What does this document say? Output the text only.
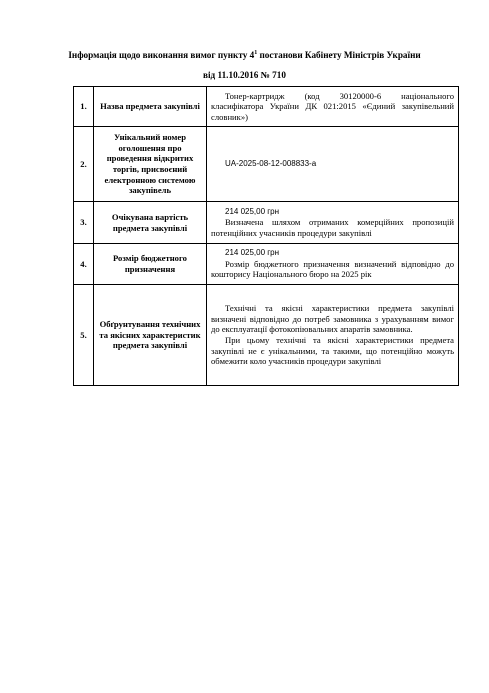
Інформація щодо виконання вимог пункту $4^1$ постанови Кабінету Міністрів України
від 11.10.2016 № 710
1.	Назва предмета закупівлі	Тонер-картридж (код 30120000-6 національного класифікатора України ДК 021:2015 «Єдиний закупівельний словник»)

2.	Унікальний номер оголошення про проведення відкритих торгів, присвоєний електронною системою закупівель	UA-2025-08-12-008833-a

3.	Очікувана вартість предмета закупівлі	214 025,00 грн

Визначена шляхом отриманих комерційних пропозицій потенційних учасників процедури закупівлі

4.	Розмір бюджетного призначення	214 025,00 грн

Розмір бюджетного призначення визначений відповідно до кошторису Національного бюро на 2025 рік

5.	Обґрунтування технічних та якісних характеристик предмета закупівлі	Технічні та якісні характеристики предмета закупівлі визначені відповідно до потреб замовника з урахуванням вимог до експлуатації фотокопіювальних апаратів замовника.

При цьому технічні та якісні характеристики предмета закупівлі не є унікальними, та такими, що потенційно можуть обмежити коло учасників процедури закупівлі
